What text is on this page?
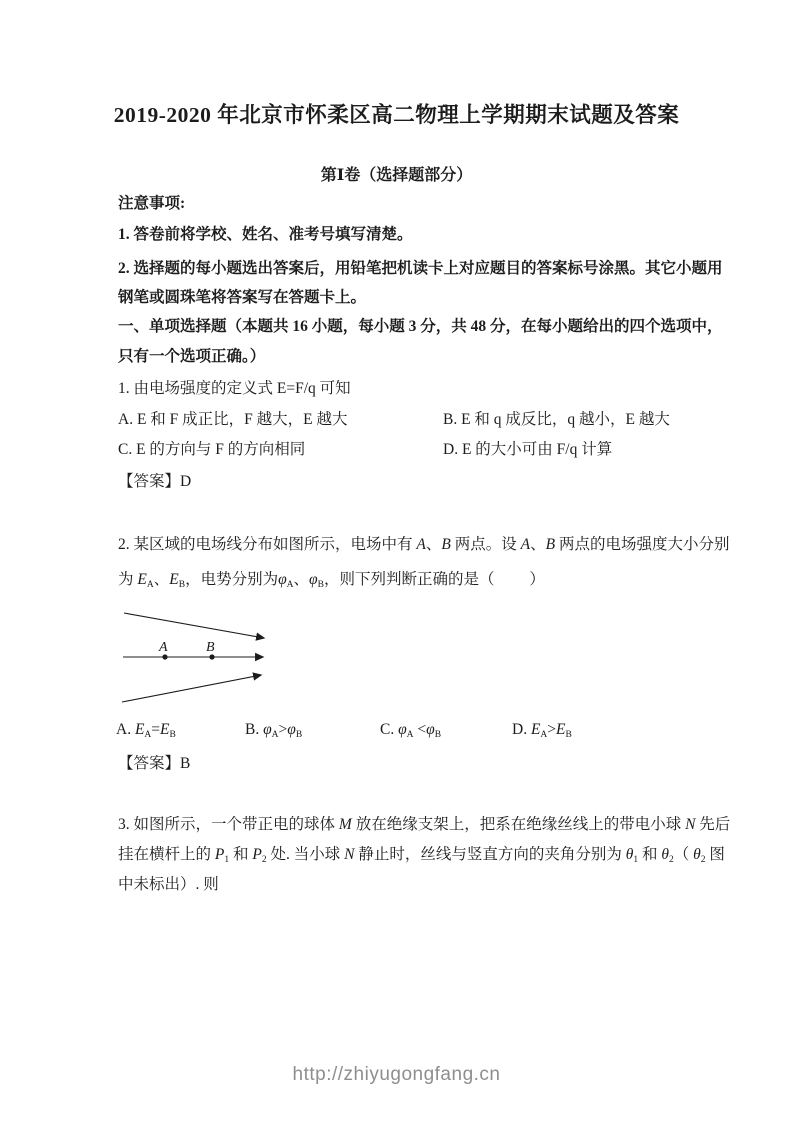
2019-2020 年北京市怀柔区高二物理上学期期末试题及答案
第Ⅰ卷（选择题部分）
注意事项:
1. 答卷前将学校、姓名、准考号填写清楚。
2. 选择题的每小题选出答案后，用铅笔把机读卡上对应题目的答案标号涂黑。其它小题用
钢笔或圆珠笔将答案写在答题卡上。
一、单项选择题（本题共 16 小题，每小题 3 分，共 48 分，在每小题给出的四个选项中，
只有一个选项正确。）
1. 由电场强度的定义式 E=F/q 可知
A. E 和 F 成正比，F 越大，E 越大	B. E 和 q 成反比，q 越小，E 越大
C. E 的方向与 F 的方向相同	D. E 的大小可由 F/q 计算
【答案】D
2. 某区域的电场线分布如图所示，电场中有 A、B 两点。设 A、B 两点的电场强度大小分别
为 $E_A$、$E_B$，电势分别为$\varphi_A$、$\varphi_B$，则下列判断正确的是（　　 ）
A	B
A. $E_A=E_B$	B. $\varphi_A>\varphi_B$	C. $\varphi_A <\varphi_B$	D. $E_A>E_B$
【答案】B
3. 如图所示，一个带正电的球体 M 放在绝缘支架上，把系在绝缘丝线上的带电小球 N 先后
挂在横杆上的 $P_1$ 和 $P_2$ 处. 当小球 N 静止时，丝线与竖直方向的夹角分别为 $\theta_1$ 和 $\theta_2$（ $\theta_2$ 图
中未标出）. 则
http://zhiyugongfang.cn
